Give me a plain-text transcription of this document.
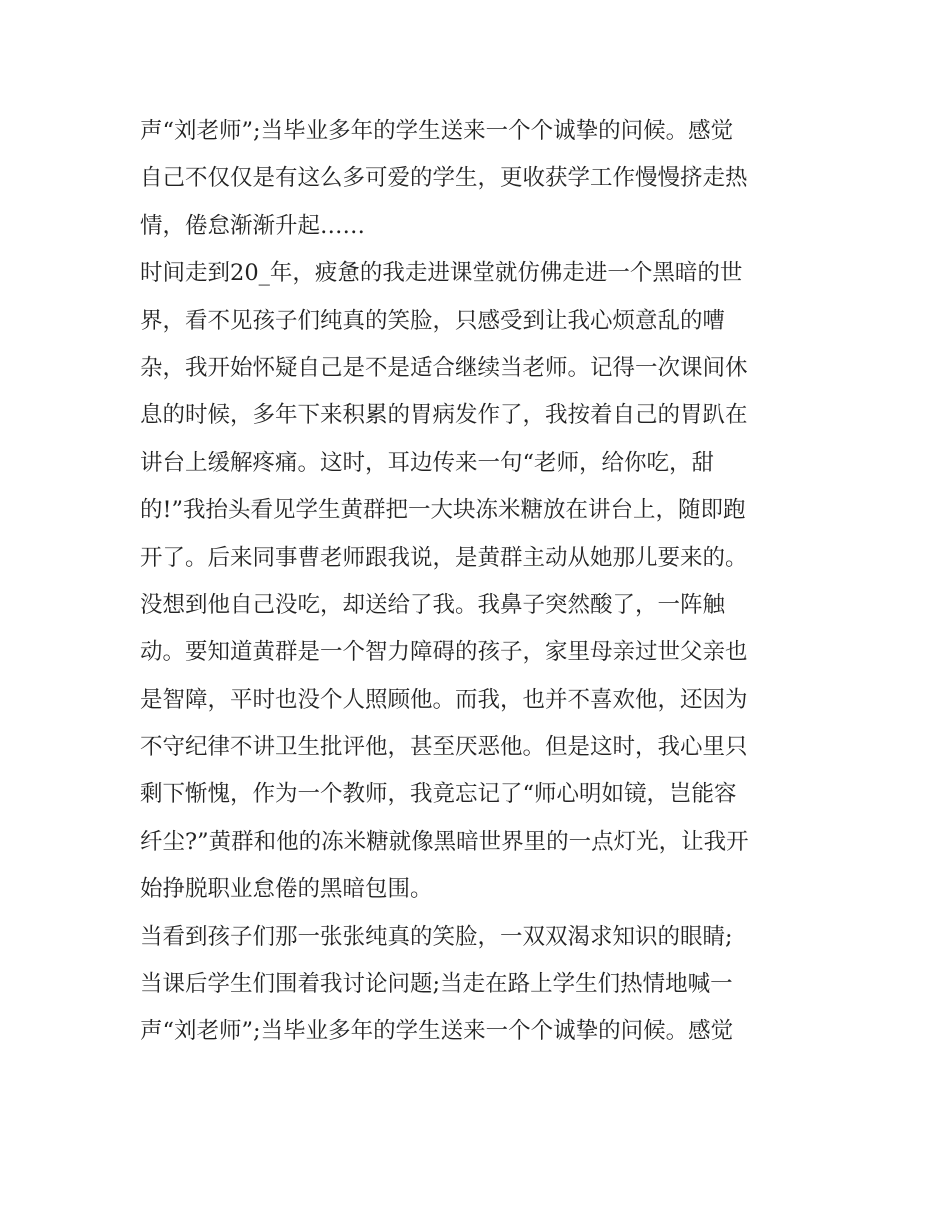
声“刘老师”;当毕业多年的学生送来一个个诚挚的问候。感觉
自己不仅仅是有这么多可爱的学生，更收获学工作慢慢挤走热
情，倦怠渐渐升起……
时间走到20_年，疲惫的我走进课堂就仿佛走进一个黑暗的世
界，看不见孩子们纯真的笑脸，只感受到让我心烦意乱的嘈
杂，我开始怀疑自己是不是适合继续当老师。记得一次课间休
息的时候，多年下来积累的胃病发作了，我按着自己的胃趴在
讲台上缓解疼痛。这时，耳边传来一句“老师，给你吃，甜
的!”我抬头看见学生黄群把一大块冻米糖放在讲台上，随即跑
开了。后来同事曹老师跟我说，是黄群主动从她那儿要来的。
没想到他自己没吃，却送给了我。我鼻子突然酸了，一阵触
动。要知道黄群是一个智力障碍的孩子，家里母亲过世父亲也
是智障，平时也没个人照顾他。而我，也并不喜欢他，还因为
不守纪律不讲卫生批评他，甚至厌恶他。但是这时，我心里只
剩下惭愧，作为一个教师，我竟忘记了“师心明如镜，岂能容
纤尘?”黄群和他的冻米糖就像黑暗世界里的一点灯光，让我开
始挣脱职业怠倦的黑暗包围。
当看到孩子们那一张张纯真的笑脸，一双双渴求知识的眼睛;
当课后学生们围着我讨论问题;当走在路上学生们热情地喊一
声“刘老师”;当毕业多年的学生送来一个个诚挚的问候。感觉
